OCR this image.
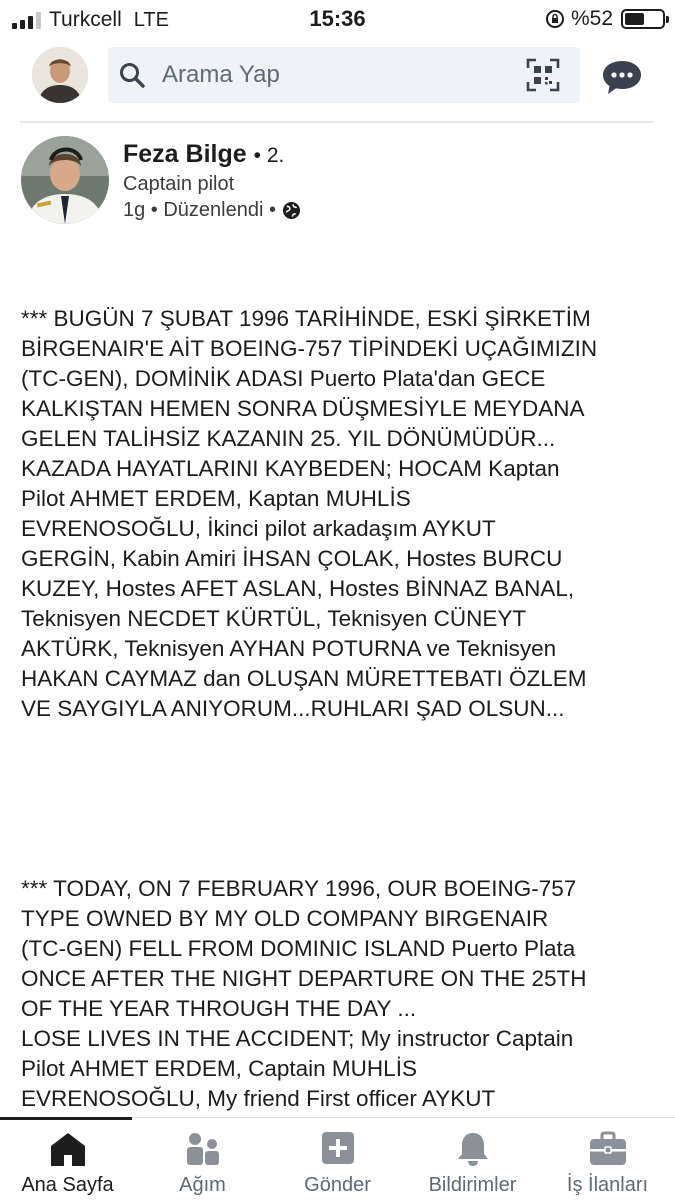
Turkcell LTE	15:36	%52
Arama Yap
Feza Bilge • 2.
Captain pilot
1g • Düzenlendi •

*** BUGÜN 7 ŞUBAT 1996 TARİHİNDE, ESKİ ŞİRKETİM

BİRGENAIR'E AİT BOEING-757 TİPİNDEKİ UÇAĞIMIZIN

(TC-GEN), DOMİNİK ADASI Puerto Plata'dan GECE

KALKIŞTAN HEMEN SONRA DÜŞMESİYLE MEYDANA

GELEN TALİHSİZ KAZANIN 25. YIL DÖNÜMÜDÜR...

KAZADA HAYATLARINI KAYBEDEN; HOCAM Kaptan

Pilot AHMET ERDEM, Kaptan MUHLİS

EVRENOSOĞLU, İkinci pilot arkadaşım AYKUT

GERGİN, Kabin Amiri İHSAN ÇOLAK, Hostes BURCU

KUZEY, Hostes AFET ASLAN, Hostes BİNNAZ BANAL,

Teknisyen NECDET KÜRTÜL, Teknisyen CÜNEYT

AKTÜRK, Teknisyen AYHAN POTURNA ve Teknisyen

HAKAN CAYMAZ dan OLUŞAN MÜRETTEBATI ÖZLEM

VE SAYGIYLA ANIYORUM...RUHLARI ŞAD OLSUN...

*** TODAY, ON 7 FEBRUARY 1996, OUR BOEING-757

TYPE OWNED BY MY OLD COMPANY BIRGENAIR

(TC-GEN) FELL FROM DOMINIC ISLAND Puerto Plata

ONCE AFTER THE NIGHT DEPARTURE ON THE 25TH

OF THE YEAR THROUGH THE DAY ...

LOSE LIVES IN THE ACCIDENT; My instructor Captain

Pilot AHMET ERDEM, Captain MUHLİS

EVRENOSOĞLU, My friend First officer AYKUT

Ana Sayfa	Ağım	Gönder	Bildirimler	İş İlanları
